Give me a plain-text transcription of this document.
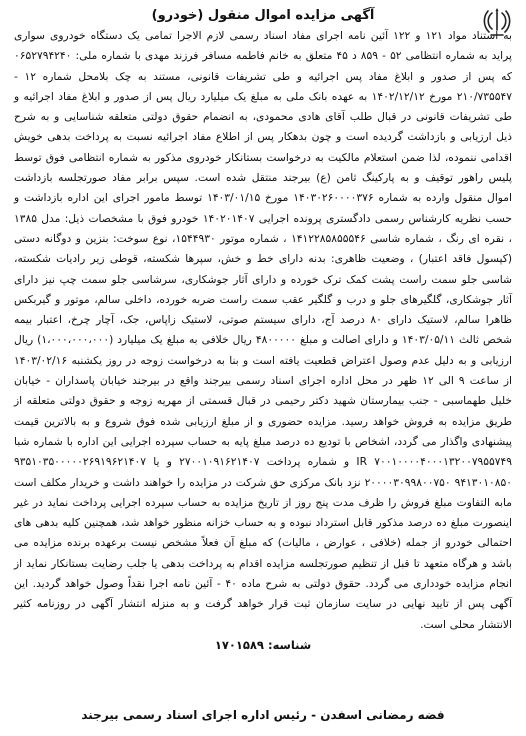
آگهی مزایده اموال منقول (خودرو)

به استناد مواد ۱۲۱ و ۱۲۲ آئین نامه اجرای مفاد اسناد رسمی لازم الاجرا تمامی یک دستگاه خودروی سواری پراید به شماره انتظامی ۵۲ - ۸۵۹ د ۴۵ متعلق به خانم فاطمه مسافر فرزند مهدی با شماره ملی: ۰۶۵۲۷۹۴۲۴۰ که پس از صدور و ابلاغ مفاد پس اجرائیه و طی تشریفات قانونی، مستند به چک بلامحل شماره ۱۲ - ۲۱۰/۷۳۵۵۴۷ مورخ ۱۴۰۲/۱۲/۱۲ به عهده بانک ملی به مبلغ یک میلیارد ریال پس از صدور و ابلاغ مفاد اجرائیه و طی تشریفات قانونی در قبال طلب آقای هادی محمودی، به انضمام حقوق دولتی متعلقه شناسایی و به شرح ذیل ارزیابی و بازداشت گردیده است و چون بدهکار پس از اطلاع مفاد اجرائیه نسبت به پرداخت بدهی خویش اقدامی ننموده، لذا ضمن استعلام مالکیت به درخواست بستانکار خودروی مذکور به شماره انتظامی فوق توسط پلیس راهور توقیف و به پارکینگ ثامن (ع) بیرجند منتقل شده است. سپس برابر مفاد صورتجلسه بازداشت اموال منقول وارده به شماره ۱۴۰۳۰۲۶۰۰۰۰۳۷۶ مورخ ۱۴۰۳/۰۱/۱۵ توسط مامور اجرای این اداره بازداشت و حسب نظریه کارشناس رسمی دادگستری پرونده اجرایی ۱۴۰۲۰۱۴۰۷ خودرو فوق با مشخصات ذیل: مدل ۱۳۸۵ ، نقره ای رنگ ، شماره شاسی ۱۴۱۲۲۸۵۸۵۵۵۴۶ ، شماره موتور ۱۵۴۴۹۳۰، نوع سوخت: بنزین و دوگانه دستی (کپسول فاقد اعتبار) ، وضعیت ظاهری: بدنه دارای خط و خش، سپرها شکسته، قوطی زیر رادیات شکسته، شاسی جلو سمت راست پشت کمک ترک خورده و دارای آثار جوشکاری، سرشاسی جلو سمت چپ نیز دارای آثار جوشکاری، گلگیرهای جلو و درب و گلگیر عقب سمت راست ضربه خورده، داخلی سالم، موتور و گیربکس ظاهرا سالم، لاستیک دارای ۸۰ درصد آج، دارای سیستم صوتی، لاستیک زاپاس، جک، آچار چرخ، اعتبار بیمه شخص ثالث ۱۴۰۳/۰۵/۱۱ و دارای اصالت و مبلغ ۴۸۰۰۰۰۰ ریال خلافی به مبلغ یک میلیارد (۱،۰۰۰،۰۰۰،۰۰۰) ریال ارزیابی و به دلیل عدم وصول اعتراض قطعیت یافته است و بنا به درخواست زوجه در روز یکشنبه ۱۴۰۳/۰۲/۱۶ از ساعت ۹ الی ۱۲ ظهر در محل اداره اجرای اسناد رسمی بیرجند واقع در بیرجند خیابان پاسداران - خیابان خلیل طهماسبی - جنب بیمارستان شهید دکتر رحیمی در قبال قسمتی از مهریه زوجه و حقوق دولتی متعلقه از طریق مزایده به فروش خواهد رسید. مزایده حضوری و از مبلغ ارزیابی شده فوق شروع و به بالاترین قیمت پیشنهادی واگذار می گردد، اشخاص با تودیع ده درصد مبلغ پایه به حساب سپرده اجرایی این اداره با شماره شبا IR ۷۰۰۱۰۰۰۰۴۰۰۰۱۳۲۰۰۷۹۵۵۷۴۹ و شماره پرداخت ۲۷۰۰۱۰۹۱۶۲۱۴۰۷ و یا ۹۳۵۱۰۳۵۰۰۰۰۰۲۶۹۱۹۶۲۱۴۰۷ ۹۴۱۳۰۱۰۸۵۰ ۲۰۰۰۰۳۰۹۹۸۰۰۷۵۰ نزد بانک مرکزی حق شرکت در مزایده را خواهند داشت و خریدار مکلف است مابه التفاوت مبلغ فروش را ظرف مدت پنج روز از تاریخ مزایده به حساب سپرده اجرایی پرداخت نماید در غیر اینصورت مبلغ ده درصد مذکور قابل استرداد نبوده و به حساب خزانه منظور خواهد شد، همچنین کلیه بدهی های احتمالی خودرو از جمله (خلافی ، عوارض ، مالیات) که مبلغ آن فعلاً مشخص نیست برعهده برنده مزایده می باشد و هرگاه متعهد تا قبل از تنظیم صورتجلسه مزایده اقدام به پرداخت بدهی یا جلب رضایت بستانکار نماید از انجام مزایده خودداری می گردد. حقوق دولتی به شرح ماده ۴۰ - آئین نامه اجرا نقداً وصول خواهد گردید. این آگهی پس از تایید نهایی در سایت سازمان ثبت قرار خواهد گرفت و به منزله انتشار آگهی در روزنامه کثیر الانتشار محلی است.

شناسه: ۱۷۰۱۵۸۹

فضه رمضانی اسفدن - رئیس اداره اجرای اسناد رسمی بیرجند
